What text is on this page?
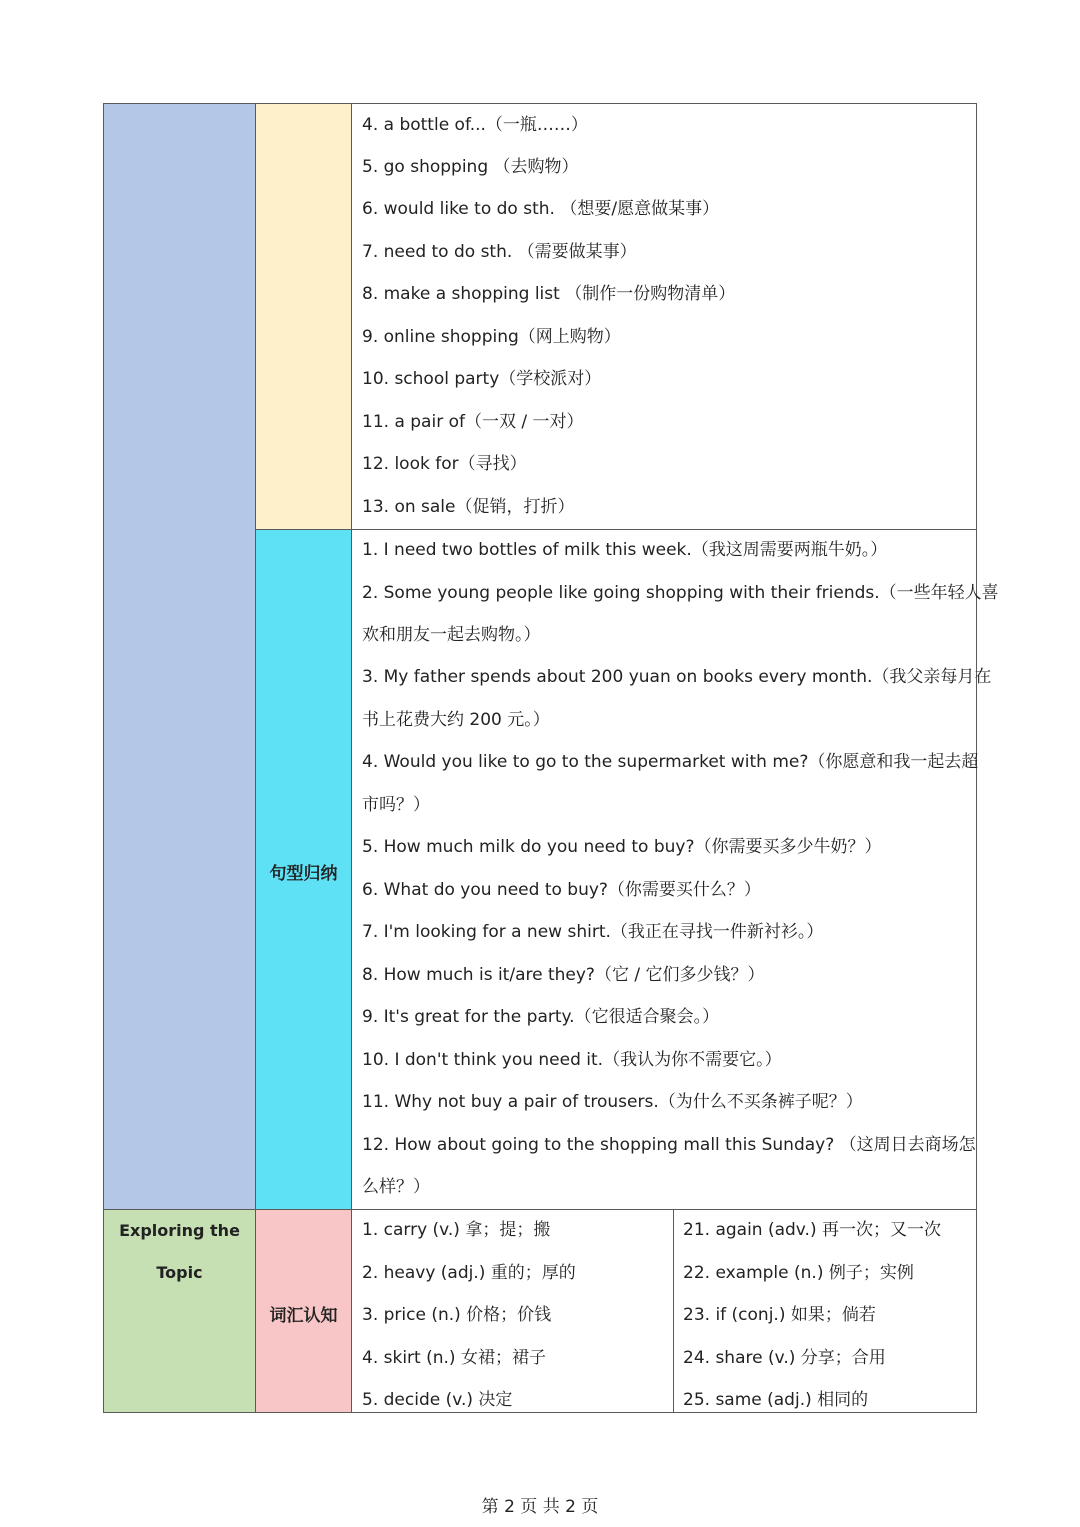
Exploring the
Topic
句型归纳
词汇认知
4. a bottle of...（一瓶……）
5. go shopping （去购物）
6. would like to do sth. （想要/愿意做某事）
7. need to do sth. （需要做某事）
8. make a shopping list （制作一份购物清单）
9. online shopping（网上购物）
10. school party（学校派对）
11. a pair of（一双 / 一对）
12. look for（寻找）
13. on sale（促销，打折）
1. I need two bottles of milk this week.（我这周需要两瓶牛奶。）
2. Some young people like going shopping with their friends.（一些年轻人喜
欢和朋友一起去购物。）
3. My father spends about 200 yuan on books every month.（我父亲每月在
书上花费大约 200 元。）
4. Would you like to go to the supermarket with me?（你愿意和我一起去超
市吗？）
5. How much milk do you need to buy?（你需要买多少牛奶？）
6. What do you need to buy?（你需要买什么？）
7. I'm looking for a new shirt.（我正在寻找一件新衬衫。）
8. How much is it/are they?（它 / 它们多少钱？）
9. It's great for the party.（它很适合聚会。）
10. I don't think you need it.（我认为你不需要它。）
11. Why not buy a pair of trousers.（为什么不买条裤子呢？）
12. How about going to the shopping mall this Sunday? （这周日去商场怎
么样？）
1. carry (v.) 拿；提；搬
2. heavy (adj.) 重的；厚的
3. price (n.) 价格；价钱
4. skirt (n.) 女裙；裙子
5. decide (v.) 决定
21. again (adv.) 再一次；又一次
22. example (n.) 例子；实例
23. if (conj.) 如果；倘若
24. share (v.) 分享；合用
25. same (adj.) 相同的
第 2 页 共 2 页
